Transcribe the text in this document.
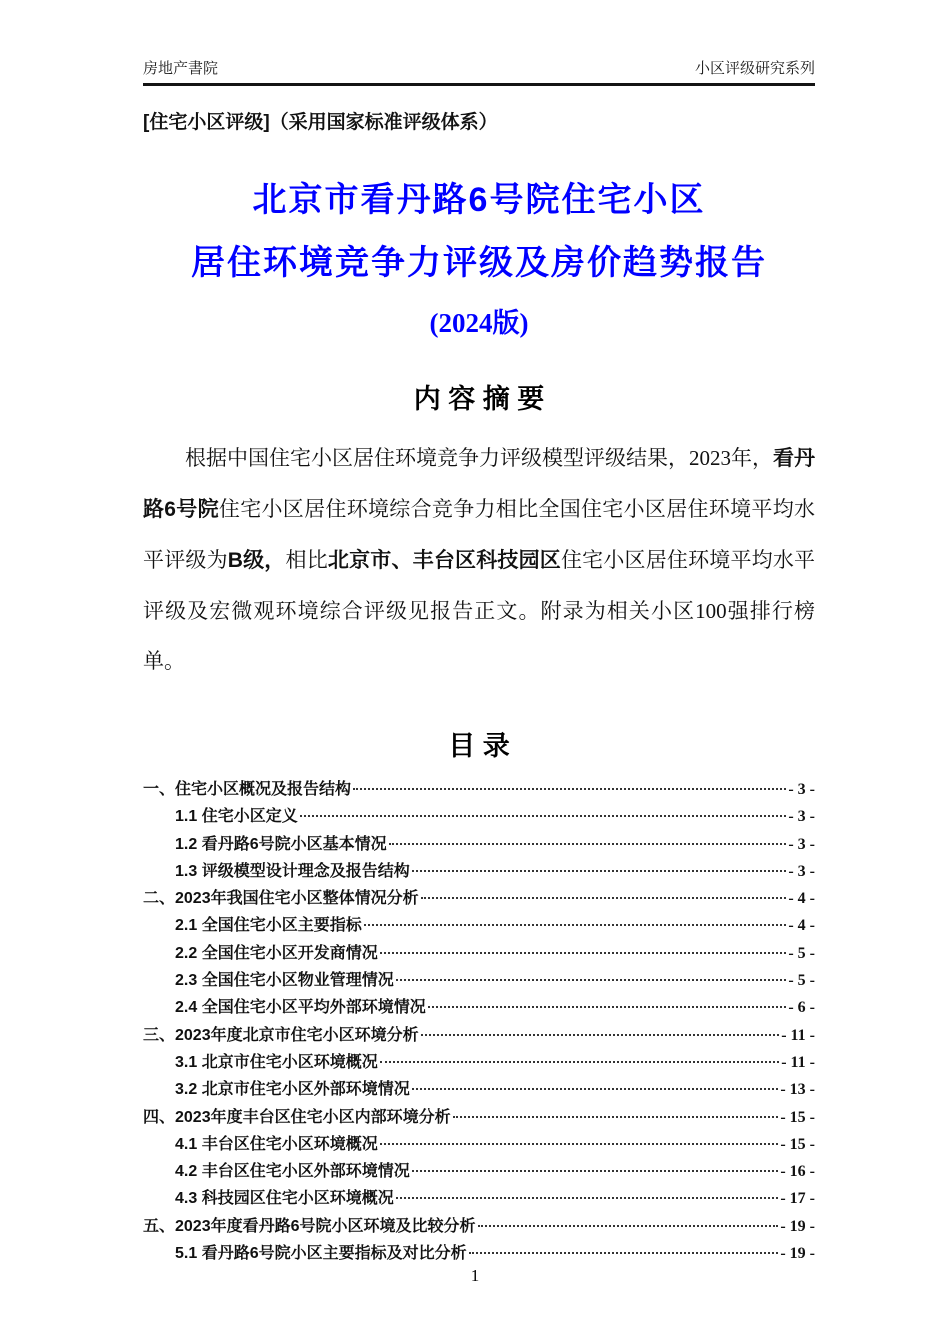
房地产書院	小区评级研究系列
[住宅小区评级]（采用国家标准评级体系）
北京市看丹路6号院住宅小区
居住环境竞争力评级及房价趋势报告
(2024版)
内 容 摘 要
根据中国住宅小区居住环境竞争力评级模型评级结果，2023年，看丹路6号院住宅小区居住环境综合竞争力相比全国住宅小区居住环境平均水平评级为B级，相比北京市、丰台区科技园区住宅小区居住环境平均水平评级及宏微观环境综合评级见报告正文。附录为相关小区100强排行榜单。
目 录
一、住宅小区概况及报告结构	- 3 -
1.1 住宅小区定义	- 3 -
1.2 看丹路6号院小区基本情况	- 3 -
1.3 评级模型设计理念及报告结构	- 3 -
二、2023年我国住宅小区整体情况分析	- 4 -
2.1 全国住宅小区主要指标	- 4 -
2.2 全国住宅小区开发商情况	- 5 -
2.3 全国住宅小区物业管理情况	- 5 -
2.4 全国住宅小区平均外部环境情况	- 6 -
三、2023年度北京市住宅小区环境分析	- 11 -
3.1 北京市住宅小区环境概况	- 11 -
3.2 北京市住宅小区外部环境情况	- 13 -
四、2023年度丰台区住宅小区内部环境分析	- 15 -
4.1 丰台区住宅小区环境概况	- 15 -
4.2 丰台区住宅小区外部环境情况	- 16 -
4.3 科技园区住宅小区环境概况	- 17 -
五、2023年度看丹路6号院小区环境及比较分析	- 19 -
5.1 看丹路6号院小区主要指标及对比分析	- 19 -
1
